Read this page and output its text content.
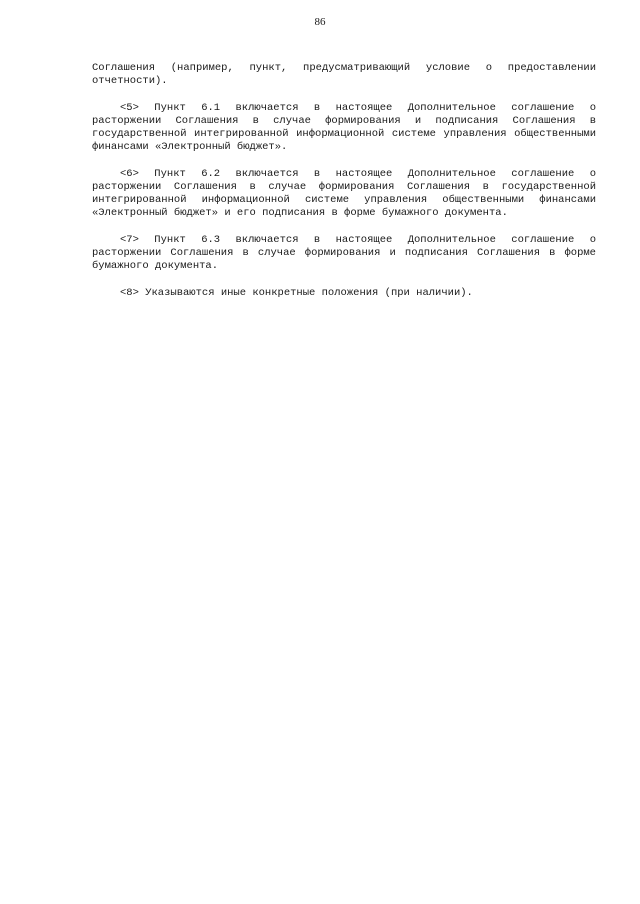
86

Соглашения (например, пункт, предусматривающий условие о предоставлении отчетности).

<5> Пункт 6.1 включается в настоящее Дополнительное соглашение о расторжении Соглашения в случае формирования и подписания Соглашения в государственной интегрированной информационной системе управления общественными финансами «Электронный бюджет».

<6> Пункт 6.2 включается в настоящее Дополнительное соглашение о расторжении Соглашения в случае формирования Соглашения в государственной интегрированной информационной системе управления общественными финансами «Электронный бюджет» и его подписания в форме бумажного документа.

<7> Пункт 6.3 включается в настоящее Дополнительное соглашение о расторжении Соглашения в случае формирования и подписания Соглашения в форме бумажного документа.

<8> Указываются иные конкретные положения (при наличии).
